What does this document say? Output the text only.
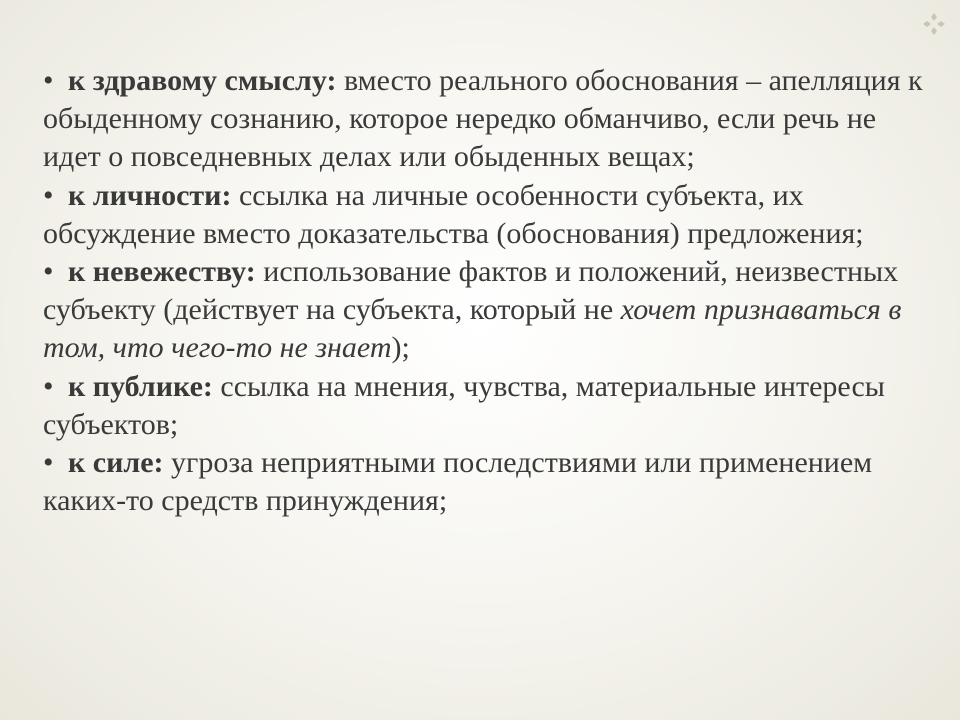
• к здравому смыслу: вместо реального обоснования – апелляция к обыденному сознанию, которое нередко обманчиво, если речь не идет о повседневных делах или обыденных вещах;

• к личности: ссылка на личные особенности субъекта, их обсуждение вместо доказательства (обоснования) предложения;

• к невежеству: использование фактов и положений, неизвестных субъекту (действует на субъекта, который не хочет признаваться в том, что чего-то не знает);

• к публике: ссылка на мнения, чувства, материальные интересы субъектов;

• к силе: угроза неприятными последствиями или применением каких-то средств принуждения;
